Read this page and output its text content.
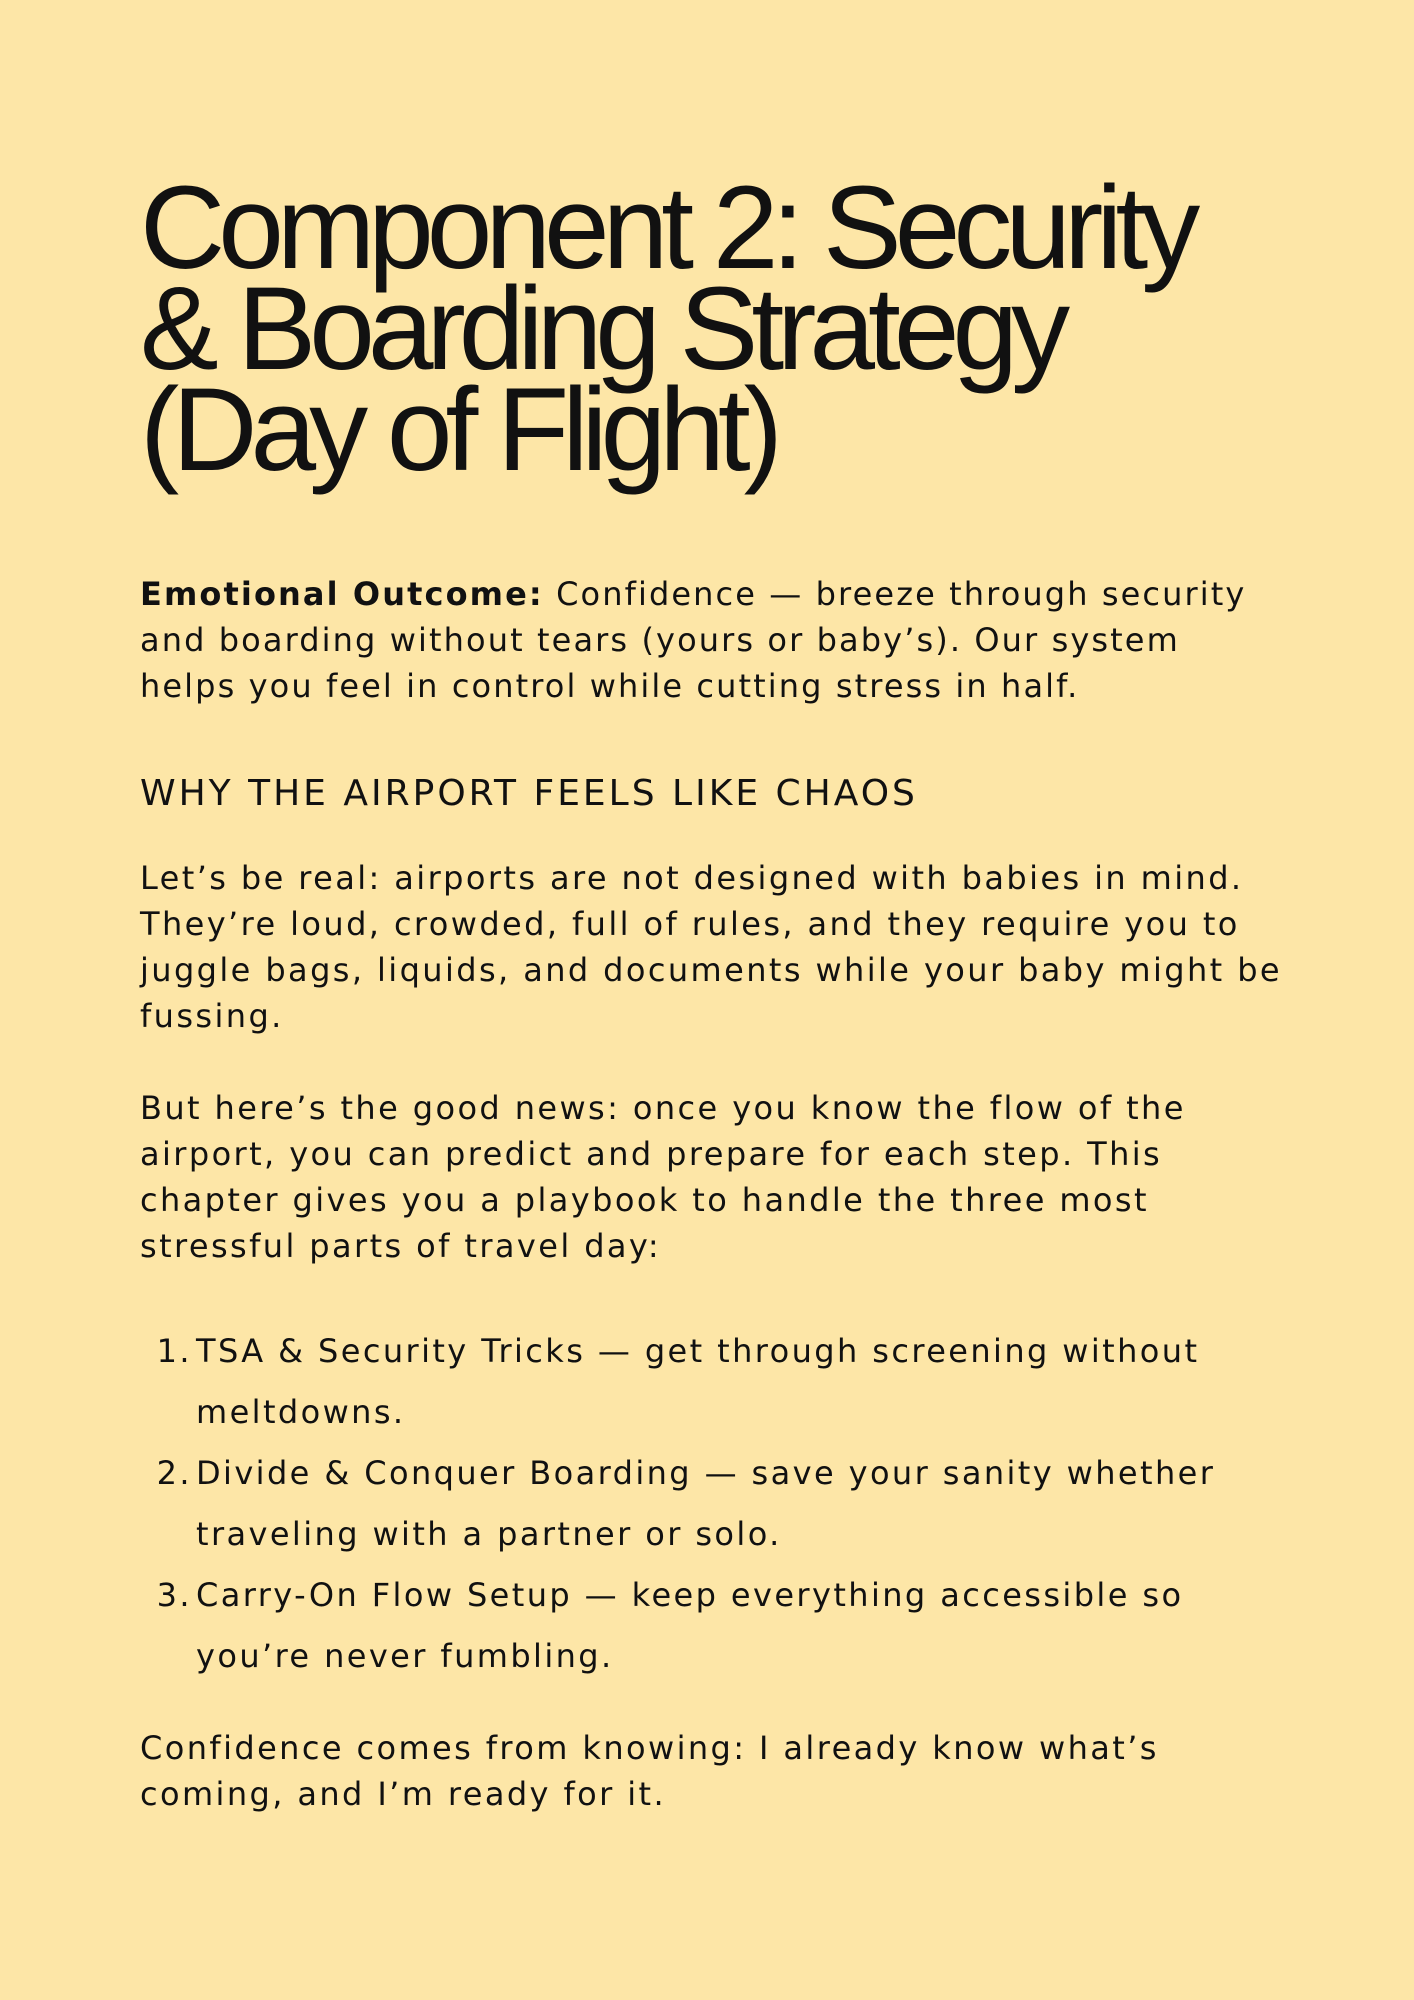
Component 2: Security
& Boarding Strategy
(Day of Flight)

Emotional Outcome: Confidence — breeze through security
and boarding without tears (yours or baby’s). Our system
helps you feel in control while cutting stress in half.

WHY THE AIRPORT FEELS LIKE CHAOS

Let’s be real: airports are not designed with babies in mind.
They’re loud, crowded, full of rules, and they require you to
juggle bags, liquids, and documents while your baby might be
fussing.

But here’s the good news: once you know the flow of the
airport, you can predict and prepare for each step. This
chapter gives you a playbook to handle the three most
stressful parts of travel day:

1. TSA & Security Tricks — get through screening without
meltdowns.
2. Divide & Conquer Boarding — save your sanity whether
traveling with a partner or solo.
3. Carry-On Flow Setup — keep everything accessible so
you’re never fumbling.

Confidence comes from knowing: I already know what’s
coming, and I’m ready for it.
